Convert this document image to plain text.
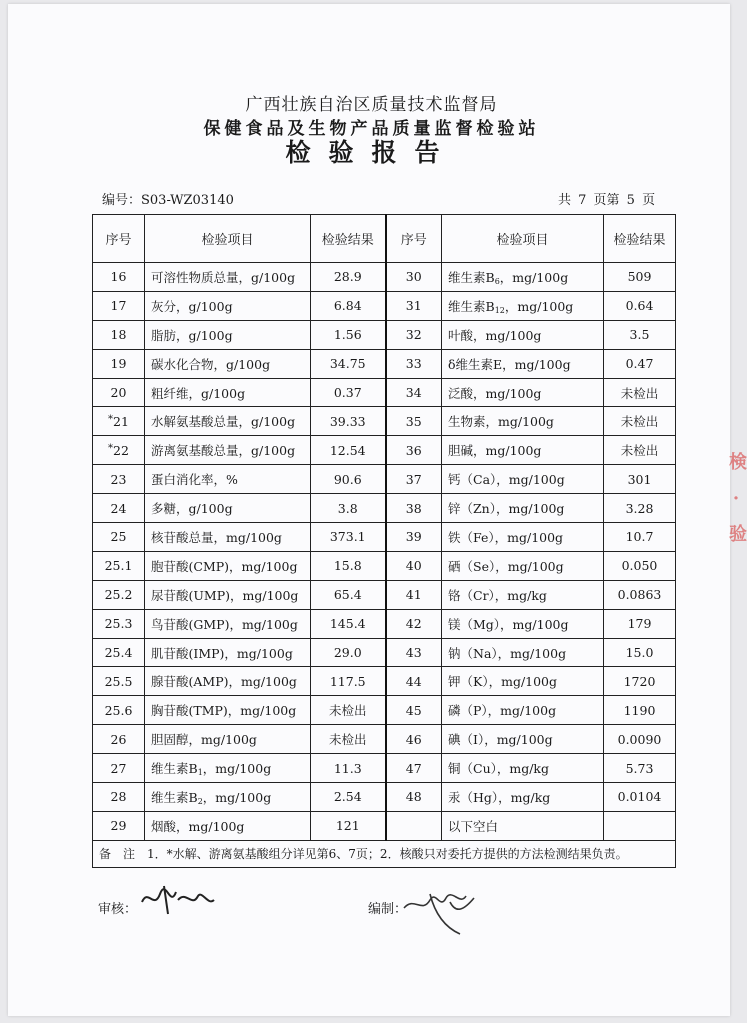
検 · 验
广西壮族自治区质量技术监督局
保健食品及生物产品质量监督检验站
检验报告
编号：S03-WZ03140	共 7 页第 5 页
序号	检验项目	检验结果	序号	检验项目	检验结果
16	可溶性物质总量，g/100g	28.9	30	维生素$B_6$，mg/100g	509
17	灰分，g/100g	6.84	31	维生素$B_{12}$，mg/100g	0.64
18	脂肪，g/100g	1.56	32	叶酸，mg/100g	3.5
19	碳水化合物，g/100g	34.75	33	δ维生素E，mg/100g	0.47
20	粗纤维，g/100g	0.37	34	泛酸，mg/100g	未检出
*21	水解氨基酸总量，g/100g	39.33	35	生物素，mg/100g	未检出
*22	游离氨基酸总量，g/100g	12.54	36	胆碱，mg/100g	未检出
23	蛋白消化率，%	90.6	37	钙（Ca），mg/100g	301
24	多糖，g/100g	3.8	38	锌（Zn），mg/100g	3.28
25	核苷酸总量，mg/100g	373.1	39	铁（Fe），mg/100g	10.7
25.1	胞苷酸(CMP)，mg/100g	15.8	40	硒（Se），mg/100g	0.050
25.2	尿苷酸(UMP)，mg/100g	65.4	41	铬（Cr），mg/kg	0.0863
25.3	鸟苷酸(GMP)，mg/100g	145.4	42	镁（Mg），mg/100g	179
25.4	肌苷酸(IMP)，mg/100g	29.0	43	钠（Na），mg/100g	15.0
25.5	腺苷酸(AMP)，mg/100g	117.5	44	钾（K），mg/100g	1720
25.6	胸苷酸(TMP)，mg/100g	未检出	45	磷（P），mg/100g	1190
26	胆固醇，mg/100g	未检出	46	碘（I），mg/100g	0.0090
27	维生素$B_1$，mg/100g	11.3	47	铜（Cu），mg/kg	5.73
28	维生素$B_2$，mg/100g	2.54	48	汞（Hg），mg/kg	0.0104
29	烟酸，mg/100g	121		以下空白	
备　注　 1．*水解、游离氨基酸组分详见第6、7页；2．核酸只对委托方提供的方法检测结果负责。					
审核：	编制：
